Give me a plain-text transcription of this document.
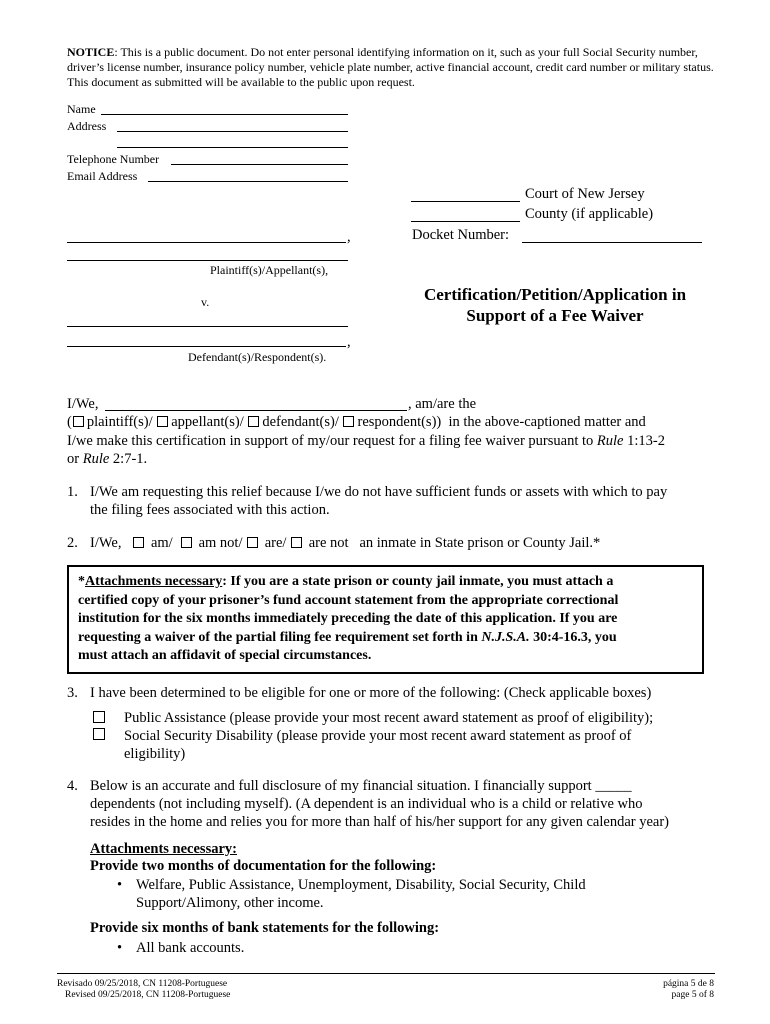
NOTICE: This is a public document. Do not enter personal identifying information on it, such as your full Social Security number, driver’s license number, insurance policy number, vehicle plate number, active financial account, credit card number or military status. This document as submitted will be available to the public upon request.
Name
Address
Telephone Number
Email Address
Court of New Jersey
County (if applicable)
Docket Number:
,
Plaintiff(s)/Appellant(s),
v.
,
Defendant(s)/Respondent(s).
Certification/Petition/Application in
Support of a Fee Waiver
I/We,	, am/are the
( plaintiff(s)/ appellant(s)/ defendant(s)/ respondent(s)) in the above-captioned matter and
I/we make this certification in support of my/our request for a filing fee waiver pursuant to Rule 1:13-2
or Rule 2:7-1.
1. I/We am requesting this relief because I/we do not have sufficient funds or assets with which to pay
the filing fees associated with this action.
2. I/We, am/ am not/ are/ are not an inmate in State prison or County Jail.*
*Attachments necessary: If you are a state prison or county jail inmate, you must attach a
certified copy of your prisoner’s fund account statement from the appropriate correctional
institution for the six months immediately preceding the date of this application. If you are
requesting a waiver of the partial filing fee requirement set forth in N.J.S.A. 30:4-16.3, you
must attach an affidavit of special circumstances.
3. I have been determined to be eligible for one or more of the following: (Check applicable boxes)
Public Assistance (please provide your most recent award statement as proof of eligibility);
Social Security Disability (please provide your most recent award statement as proof of
eligibility)
4. Below is an accurate and full disclosure of my financial situation. I financially support _____
dependents (not including myself). (A dependent is an individual who is a child or relative who
resides in the home and relies you for more than half of his/her support for any given calendar year)
Attachments necessary:
Provide two months of documentation for the following:
• Welfare, Public Assistance, Unemployment, Disability, Social Security, Child
Support/Alimony, other income.
Provide six months of bank statements for the following:
• All bank accounts.
Revisado 09/25/2018, CN 11208-Portuguese
Revised 09/25/2018, CN 11208-Portuguese
página 5 de 8
page 5 of 8
